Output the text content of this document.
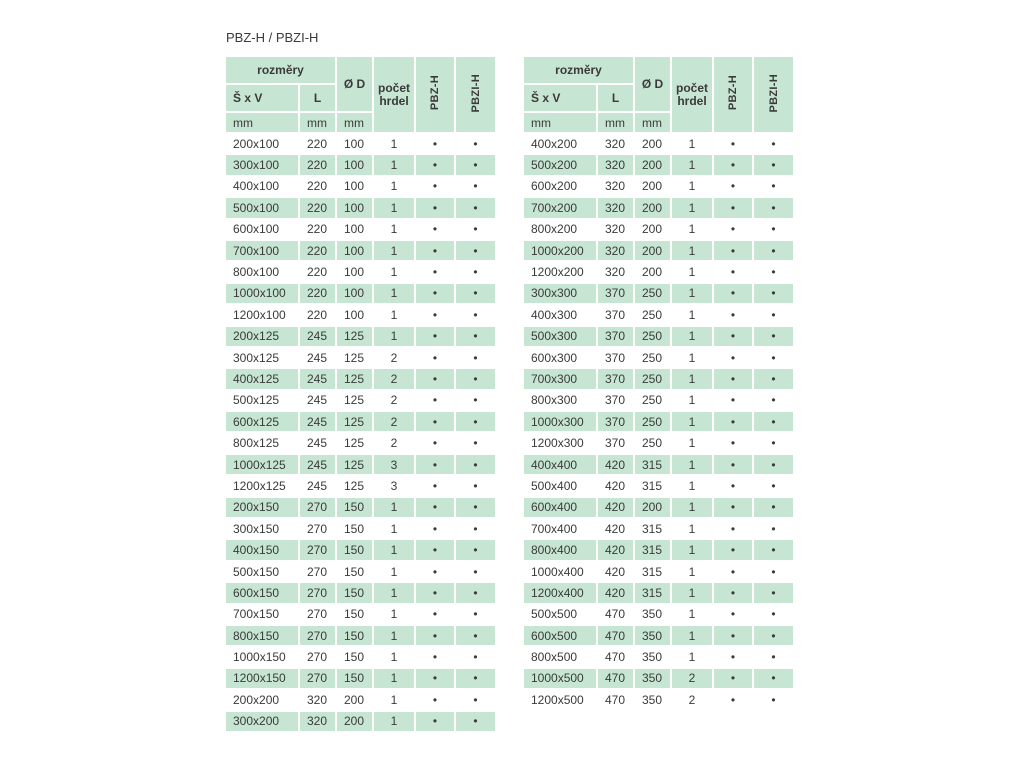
PBZ-H / PBZI-H
rozměry		Ø D	počet hrdel	PBZ-H	PBZI-H
Š x V	L				
mm	mm	mm			
200x100	220	100	1	•	•
300x100	220	100	1	•	•
400x100	220	100	1	•	•
500x100	220	100	1	•	•
600x100	220	100	1	•	•
700x100	220	100	1	•	•
800x100	220	100	1	•	•
1000x100	220	100	1	•	•
1200x100	220	100	1	•	•
200x125	245	125	1	•	•
300x125	245	125	2	•	•
400x125	245	125	2	•	•
500x125	245	125	2	•	•
600x125	245	125	2	•	•
800x125	245	125	2	•	•
1000x125	245	125	3	•	•
1200x125	245	125	3	•	•
200x150	270	150	1	•	•
300x150	270	150	1	•	•
400x150	270	150	1	•	•
500x150	270	150	1	•	•
600x150	270	150	1	•	•
700x150	270	150	1	•	•
800x150	270	150	1	•	•
1000x150	270	150	1	•	•
1200x150	270	150	1	•	•
200x200	320	200	1	•	•
300x200	320	200	1	•	•
rozměry		Ø D	počet hrdel	PBZ-H	PBZI-H
Š x V	L				
mm	mm	mm			
400x200	320	200	1	•	•
500x200	320	200	1	•	•
600x200	320	200	1	•	•
700x200	320	200	1	•	•
800x200	320	200	1	•	•
1000x200	320	200	1	•	•
1200x200	320	200	1	•	•
300x300	370	250	1	•	•
400x300	370	250	1	•	•
500x300	370	250	1	•	•
600x300	370	250	1	•	•
700x300	370	250	1	•	•
800x300	370	250	1	•	•
1000x300	370	250	1	•	•
1200x300	370	250	1	•	•
400x400	420	315	1	•	•
500x400	420	315	1	•	•
600x400	420	200	1	•	•
700x400	420	315	1	•	•
800x400	420	315	1	•	•
1000x400	420	315	1	•	•
1200x400	420	315	1	•	•
500x500	470	350	1	•	•
600x500	470	350	1	•	•
800x500	470	350	1	•	•
1000x500	470	350	2	•	•
1200x500	470	350	2	•	•
